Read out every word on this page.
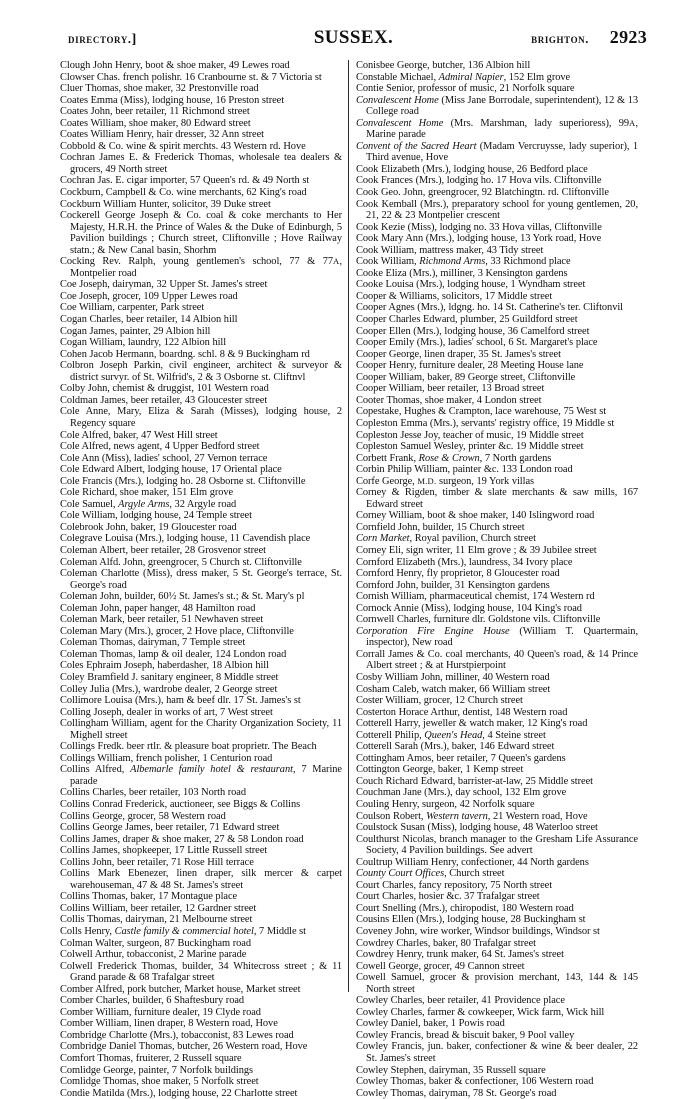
directory.]	SUSSEX.	brighton. 2923

Clough John Henry, boot & shoe maker, 49 Lewes road

Clowser Chas. french polishr. 16 Cranbourne st. & 7 Victoria st

Cluer Thomas, shoe maker, 32 Prestonville road

Coates Emma (Miss), lodging house, 16 Preston street

Coates John, beer retailer, 11 Richmond street

Coates William, shoe maker, 80 Edward street

Coates William Henry, hair dresser, 32 Ann street

Cobbold & Co. wine & spirit merchts. 43 Western rd. Hove

Cochran James E. & Frederick Thomas, wholesale tea dealers & grocers, 49 North street

Cochran Jas. E. cigar importer, 57 Queen's rd. & 49 North st

Cockburn, Campbell & Co. wine merchants, 62 King's road

Cockburn William Hunter, solicitor, 39 Duke street

Cockerell George Joseph & Co. coal & coke merchants to Her Majesty, H.R.H. the Prince of Wales & the Duke of Edinburgh, 5 Pavilion buildings ; Church street, Cliftonville ; Hove Railway statn.; & New Canal basin, Shorhm

Cocking Rev. Ralph, young gentlemen's school, 77 & 77A, Montpelier road

Coe Joseph, dairyman, 32 Upper St. James's street

Coe Joseph, grocer, 109 Upper Lewes road

Coe William, carpenter, Park street

Cogan Charles, beer retailer, 14 Albion hill

Cogan James, painter, 29 Albion hill

Cogan William, laundry, 122 Albion hill

Cohen Jacob Hermann, boardng. schl. 8 & 9 Buckingham rd

Colbron Joseph Parkin, civil engineer, architect & surveyor & district survyr. of St. Wilfrid's, 2 & 3 Osborne st. Cliftnvl

Colby John, chemist & druggist, 101 Western road

Coldman James, beer retailer, 43 Gloucester street

Cole Anne, Mary, Eliza & Sarah (Misses), lodging house, 2 Regency square

Cole Alfred, baker, 47 West Hill street

Cole Alfred, news agent, 4 Upper Bedford street

Cole Ann (Miss), ladies' school, 27 Vernon terrace

Cole Edward Albert, lodging house, 17 Oriental place

Cole Francis (Mrs.), lodging ho. 28 Osborne st. Cliftonville

Cole Richard, shoe maker, 151 Elm grove

Cole Samuel, Argyle Arms, 32 Argyle road

Cole William, lodging house, 24 Temple street

Colebrook John, baker, 19 Gloucester road

Colegrave Louisa (Mrs.), lodging house, 11 Cavendish place

Coleman Albert, beer retailer, 28 Grosvenor street

Coleman Alfd. John, greengrocer, 5 Church st. Cliftonville

Coleman Charlotte (Miss), dress maker, 5 St. George's terrace, St. George's road

Coleman John, builder, 60½ St. James's st.; & St. Mary's pl

Coleman John, paper hanger, 48 Hamilton road

Coleman Mark, beer retailer, 51 Newhaven street

Coleman Mary (Mrs.), grocer, 2 Hove place, Cliftonville

Coleman Thomas, dairyman, 7 Temple street

Coleman Thomas, lamp & oil dealer, 124 London road

Coles Ephraim Joseph, haberdasher, 18 Albion hill

Coley Bramfield J. sanitary engineer, 8 Middle street

Colley Julia (Mrs.), wardrobe dealer, 2 George street

Collimore Louisa (Mrs.), ham & beef dlr. 17 St. James's st

Colling Joseph, dealer in works of art, 7 West street

Collingham William, agent for the Charity Organization Society, 11 Mighell street

Collings Fredk. beer rtlr. & pleasure boat proprietr. The Beach

Collings William, french polisher, 1 Centurion road

Collins Alfred, Albemarle family hotel & restaurant, 7 Marine parade

Collins Charles, beer retailer, 103 North road

Collins Conrad Frederick, auctioneer, see Biggs & Collins

Collins George, grocer, 58 Western road

Collins George James, beer retailer, 71 Edward street

Collins James, draper & shoe maker, 27 & 58 London road

Collins James, shopkeeper, 17 Little Russell street

Collins John, beer retailer, 71 Rose Hill terrace

Collins Mark Ebenezer, linen draper, silk mercer & carpet warehouseman, 47 & 48 St. James's street

Collins Thomas, baker, 17 Montague place

Collins William, beer retailer, 12 Gardner street

Collis Thomas, dairyman, 21 Melbourne street

Colls Henry, Castle family & commercial hotel, 7 Middle st

Colman Walter, surgeon, 87 Buckingham road

Colwell Arthur, tobacconist, 2 Marine parade

Colwell Frederick Thomas, builder, 34 Whitecross street ; & 11 Grand parade & 68 Trafalgar street

Comber Alfred, pork butcher, Market house, Market street

Comber Charles, builder, 6 Shaftesbury road

Comber William, furniture dealer, 19 Clyde road

Comber William, linen draper, 8 Western road, Hove

Combridge Charlotte (Mrs.), tobacconist, 83 Lewes road

Combridge Daniel Thomas, butcher, 26 Western road, Hove

Comfort Thomas, fruiterer, 2 Russell square

Comlidge George, painter, 7 Norfolk buildings

Comlidge Thomas, shoe maker, 5 Norfolk street

Condie Matilda (Mrs.), lodging house, 22 Charlotte street

Conisbee George, butcher, 136 Albion hill

Constable Michael, Admiral Napier, 152 Elm grove

Contie Senior, professor of music, 21 Norfolk square

Convalescent Home (Miss Jane Borrodale, superintendent), 12 & 13 College road

Convalescent Home (Mrs. Marshman, lady superioress), 99A, Marine parade

Convent of the Sacred Heart (Madam Vercruysse, lady superior), 1 Third avenue, Hove

Cook Elizabeth (Mrs.), lodging house, 26 Bedford place

Cook Frances (Mrs.), lodging ho. 17 Hova vils. Cliftonville

Cook Geo. John, greengrocer, 92 Blatchingtn. rd. Cliftonville

Cook Kemball (Mrs.), preparatory school for young gentlemen, 20, 21, 22 & 23 Montpelier crescent

Cook Kezie (Miss), lodging no. 33 Hova villas, Cliftonville

Cook Mary Ann (Mrs.), lodging house, 13 York road, Hove

Cook William, mattress maker, 43 Tidy street

Cook William, Richmond Arms, 33 Richmond place

Cooke Eliza (Mrs.), milliner, 3 Kensington gardens

Cooke Louisa (Mrs.), lodging house, 1 Wyndham street

Cooper & Williams, solicitors, 17 Middle street

Cooper Agnes (Mrs.), ldgng. ho. 14 St. Catherine's ter. Cliftonvil

Cooper Charles Edward, plumber, 25 Guildford street

Cooper Ellen (Mrs.), lodging house, 36 Camelford street

Cooper Emily (Mrs.), ladies' school, 6 St. Margaret's place

Cooper George, linen draper, 35 St. James's street

Cooper Henry, furniture dealer, 28 Meeting House lane

Cooper William, baker, 89 George street, Cliftonville

Cooper William, beer retailer, 13 Broad street

Cooter Thomas, shoe maker, 4 London street

Copestake, Hughes & Crampton, lace warehouse, 75 West st

Copleston Emma (Mrs.), servants' registry office, 19 Middle st

Copleston Jesse Joy, teacher of music, 19 Middle street

Copleston Samuel Wesley, printer &c. 19 Middle street

Corbett Frank, Rose & Crown, 7 North gardens

Corbin Philip William, painter &c. 133 London road

Corfe George, M.D. surgeon, 19 York villas

Corney & Rigden, timber & slate merchants & saw mills, 167 Edward street

Corney William, boot & shoe maker, 140 Islingword road

Cornfield John, builder, 15 Church street

Corn Market, Royal pavilion, Church street

Corney Eli, sign writer, 11 Elm grove ; & 39 Jubilee street

Cornford Elizabeth (Mrs.), laundress, 34 Ivory place

Cornford Henry, fly proprietor, 8 Gloucester road

Cornford John, builder, 31 Kensington gardens

Cornish William, pharmaceutical chemist, 174 Western rd

Cornock Annie (Miss), lodging house, 104 King's road

Cornwell Charles, furniture dlr. Goldstone vils. Cliftonville

Corporation Fire Engine House (William T. Quartermain, inspector), New road

Corrall James & Co. coal merchants, 40 Queen's road, & 14 Prince Albert street ; & at Hurstpierpoint

Cosby William John, milliner, 40 Western road

Cosham Caleb, watch maker, 66 William street

Coster William, grocer, 12 Church street

Costerton Horace Arthur, dentist, 148 Western road

Cotterell Harry, jeweller & watch maker, 12 King's road

Cotterell Philip, Queen's Head, 4 Steine street

Cotterell Sarah (Mrs.), baker, 146 Edward street

Cottingham Amos, beer retailer, 7 Queen's gardens

Cottington George, baker, 1 Kemp street

Couch Richard Edward, barrister-at-law, 25 Middle street

Couchman Jane (Mrs.), day school, 132 Elm grove

Couling Henry, surgeon, 42 Norfolk square

Coulson Robert, Western tavern, 21 Western road, Hove

Coulstock Susan (Miss), lodging house, 48 Waterloo street

Coulthurst Nicolas, branch manager to the Gresham Life Assurance Society, 4 Pavilion buildings. See advert

Coultrup William Henry, confectioner, 44 North gardens

County Court Offices, Church street

Court Charles, fancy repository, 75 North street

Court Charles, hosier &c. 37 Trafalgar street

Court Snelling (Mrs.), chiropodist, 180 Western road

Cousins Ellen (Mrs.), lodging house, 28 Buckingham st

Coveney John, wire worker, Windsor buildings, Windsor st

Cowdrey Charles, baker, 80 Trafalgar street

Cowdrey Henry, trunk maker, 64 St. James's street

Cowell George, grocer, 49 Cannon street

Cowell Samuel, grocer & provision merchant, 143, 144 & 145 North street

Cowley Charles, beer retailer, 41 Providence place

Cowley Charles, farmer & cowkeeper, Wick farm, Wick hill

Cowley Daniel, baker, 1 Powis road

Cowley Francis, bread & biscuit baker, 9 Pool valley

Cowley Francis, jun. baker, confectioner & wine & beer dealer, 22 St. James's street

Cowley Stephen, dairyman, 35 Russell square

Cowley Thomas, baker & confectioner, 106 Western road

Cowley Thomas, dairyman, 78 St. George's road
